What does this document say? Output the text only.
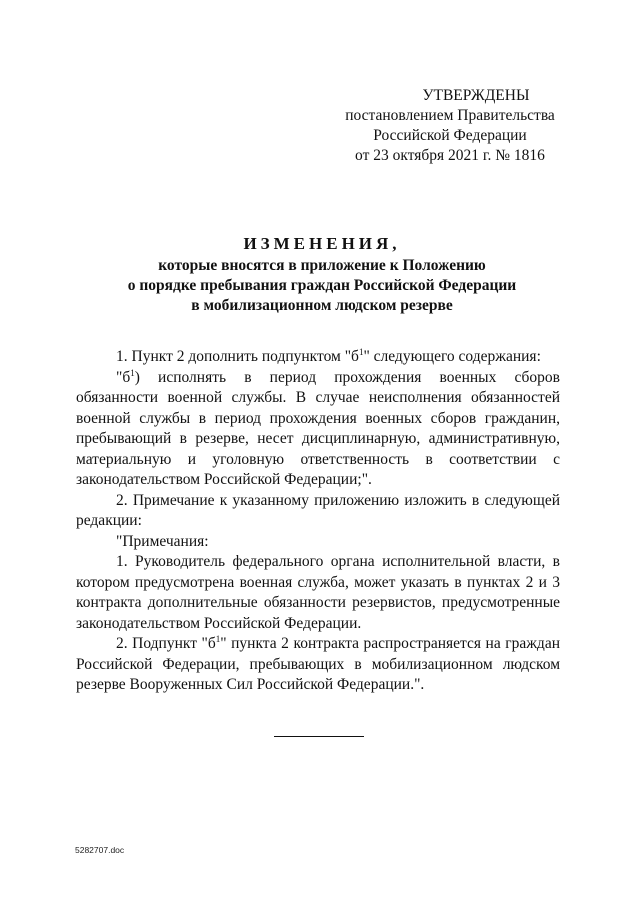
УТВЕРЖДЕНЫ
постановлением Правительства
Российской Федерации
от 23 октября 2021 г. № 1816
ИЗМЕНЕНИЯ,
которые вносятся в приложение к Положению
о порядке пребывания граждан Российской Федерации
в мобилизационном людском резерве

1. Пункт 2 дополнить подпунктом "$б^1$" следующего содержания:

"$б^1$) исполнять в период прохождения военных сборов обязанности военной службы. В случае неисполнения обязанностей военной службы в период прохождения военных сборов гражданин, пребывающий в резерве, несет дисциплинарную, административную, материальную и уголовную ответственность в соответствии с законодательством Российской Федерации;".

2. Примечание к указанному приложению изложить в следующей редакции:

"Примечания:

1. Руководитель федерального органа исполнительной власти, в котором предусмотрена военная служба, может указать в пунктах 2 и 3 контракта дополнительные обязанности резервистов, предусмотренные законодательством Российской Федерации.

2. Подпункт "$б^1$" пункта 2 контракта распространяется на граждан Российской Федерации, пребывающих в мобилизационном людском резерве Вооруженных Сил Российской Федерации.".

5282707.doc
